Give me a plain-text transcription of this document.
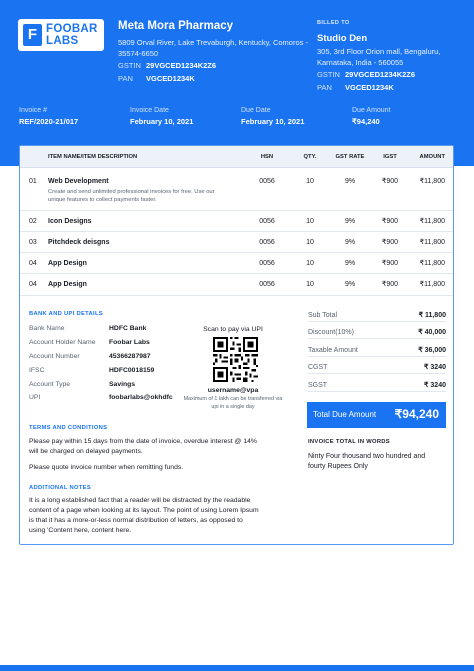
F FOOBAR LABS
Meta Mora Pharmacy
5809 Orval River, Lake Trevaburgh, Kentucky, Comoros - 35574-6650
GSTIN 29VGCED1234K2Z6
PAN	VGCED1234K
BILLED TO
Studio Den
305, 3rd Floor Orion mall, Bengaluru, Karnataka, India - 560055
GSTIN 29VGCED1234K2Z6
PAN	VGCED1234K
Invoice #
REF/2020-21/017
Invoice Date
February 10, 2021
Due Date
February 10, 2021
Due Amount
₹94,240
ITEM NAME/ITEM DESCRIPTION	HSN	QTY.	GST RATE	IGST	AMOUNT
01 Web Development
Create and send unlimited professional invoices for free. Use our unique features to collect payments faster.
0056	10	9%	₹900	₹11,800
02 Icon Designs	0056	10	9%	₹900	₹11,800
03 Pitchdeck deisgns	0056	10	9%	₹900	₹11,800
04 App Design	0056	10	9%	₹900	₹11,800
04 App Design	0056	10	9%	₹900	₹11,800
BANK AND UPI DETAILS
Bank Name	HDFC Bank
Account Holder Name Foobar Labs
Account Number	45366287987
IFSC	HDFC0018159
Account Type	Savings
UPI	foobarlabs@okhdfc
Scan to pay via UPI
username@vpa
Maximum of 1 lakh can be transferred via upi in a single day
TERMS AND CONDITIONS
Please pay within 15 days from the date of invoice, overdue interest @ 14% will be charged on delayed payments.
Please quote invoice number when remitting funds.
ADDITIONAL NOTES
It is a long established fact that a reader will be distracted by the readable content of a page when looking at its layout. The point of using Lorem Ipsum is that it has a more-or-less normal distribution of letters, as opposed to using 'Content here, content here.
Sub Total	₹ 11,800
Discount(10%)	₹ 40,000
Taxable Amount	₹ 36,000
CGST	₹ 3240
SGST	₹ 3240
Total Due Amount ₹94,240
INVOICE TOTAL IN WORDS
Ninty Four thousand two hundred and fourty Rupees Only
